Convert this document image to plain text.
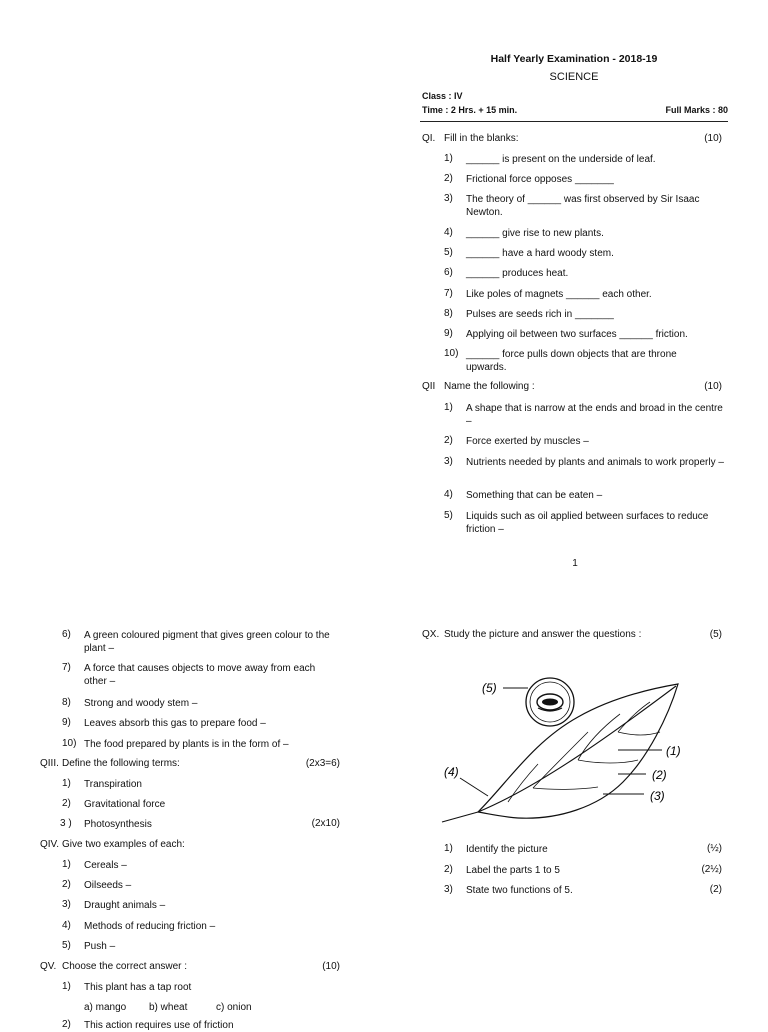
Half Yearly Examination - 2018-19
SCIENCE
Class : IV
Time : 2 Hrs. + 15 min.	Full Marks : 80
QI. Fill in the blanks:	(10)
1) ______ is present on the underside of leaf.
2) Frictional force opposes _______
3) The theory of ______ was first observed by Sir Isaac Newton.
4) ______ give rise to new plants.
5) ______ have a hard woody stem.
6) ______ produces heat.
7) Like poles of magnets ______ each other.
8) Pulses are seeds rich in _______
9) Applying oil between two surfaces ______ friction.
10) ______ force pulls down objects that are throne upwards.
QII Name the following :	(10)
1) A shape that is narrow at the ends and broad in the centre –
2) Force exerted by muscles –
3) Nutrients needed by plants and animals to work properly –
4) Something that can be eaten –
5) Liquids such as oil applied between surfaces to reduce friction –
1
6) A green coloured pigment that gives green colour to the plant –
7) A force that causes objects to move away from each other –
8) Strong and woody stem –
9) Leaves absorb this gas to prepare food –
10) The food prepared by plants is in the form of –
QIII. Define the following terms:	(2x3=6)
1) Transpiration
2) Gravitational force
3 ) Photosynthesis	(2x10)
QIV. Give two examples of each:
1) Cereals –
2) Oilseeds –
3) Draught animals –
4) Methods of reducing friction –
5) Push –
QV. Choose the correct answer :	(10)
1) This plant has a tap root
a) mango b) wheat	c) onion
2) This action requires use of friction
QX. Study the picture and answer the questions :	(5)
(5)
(1)
(4)	(2)
(3)
1) Identify the picture	(½)
2) Label the parts 1 to 5	(2½)
3) State two functions of 5.	(2)
